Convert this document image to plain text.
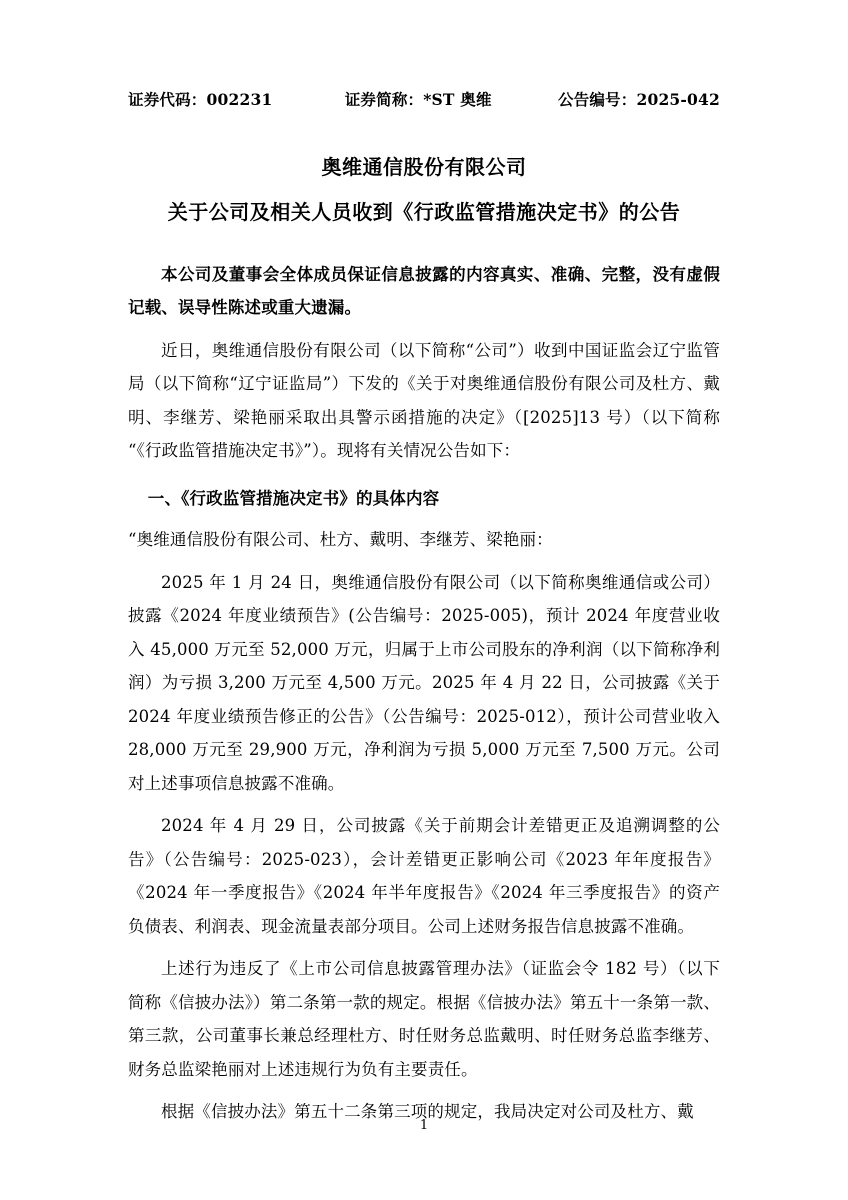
证券代码：002231	证券简称：*ST 奥维	公告编号：2025-042
奥维通信股份有限公司
关于公司及相关人员收到《行政监管措施决定书》的公告

本公司及董事会全体成员保证信息披露的内容真实、准确、完整，没有虚假记载、误导性陈述或重大遗漏。

近日，奥维通信股份有限公司（以下简称“公司”）收到中国证监会辽宁监管局（以下简称“辽宁证监局”）下发的《关于对奥维通信股份有限公司及杜方、戴明、李继芳、梁艳丽采取出具警示函措施的决定》（[2025]13 号）（以下简称“《行政监管措施决定书》”）。现将有关情况公告如下：

一、《行政监管措施决定书》的具体内容

“奥维通信股份有限公司、杜方、戴明、李继芳、梁艳丽：

2025 年 1 月 24 日，奥维通信股份有限公司（以下简称奥维通信或公司）披露《2024 年度业绩预告》(公告编号：2025-005)，预计 2024 年度营业收入 45,000 万元至 52,000 万元，归属于上市公司股东的净利润（以下简称净利润）为亏损 3,200 万元至 4,500 万元。2025 年 4 月 22 日，公司披露《关于 2024 年度业绩预告修正的公告》（公告编号：2025-012），预计公司营业收入 28,000 万元至 29,900 万元，净利润为亏损 5,000 万元至 7,500 万元。公司对上述事项信息披露不准确。

2024 年 4 月 29 日，公司披露《关于前期会计差错更正及追溯调整的公告》（公告编号：2025-023），会计差错更正影响公司《2023 年年度报告》《2024 年一季度报告》《2024 年半年度报告》《2024 年三季度报告》的资产负债表、利润表、现金流量表部分项目。公司上述财务报告信息披露不准确。

上述行为违反了《上市公司信息披露管理办法》（证监会令 182 号）（以下简称《信披办法》）第二条第一款的规定。根据《信披办法》第五十一条第一款、第三款，公司董事长兼总经理杜方、时任财务总监戴明、时任财务总监李继芳、财务总监梁艳丽对上述违规行为负有主要责任。

根据《信披办法》第五十二条第三项的规定，我局决定对公司及杜方、戴

1
